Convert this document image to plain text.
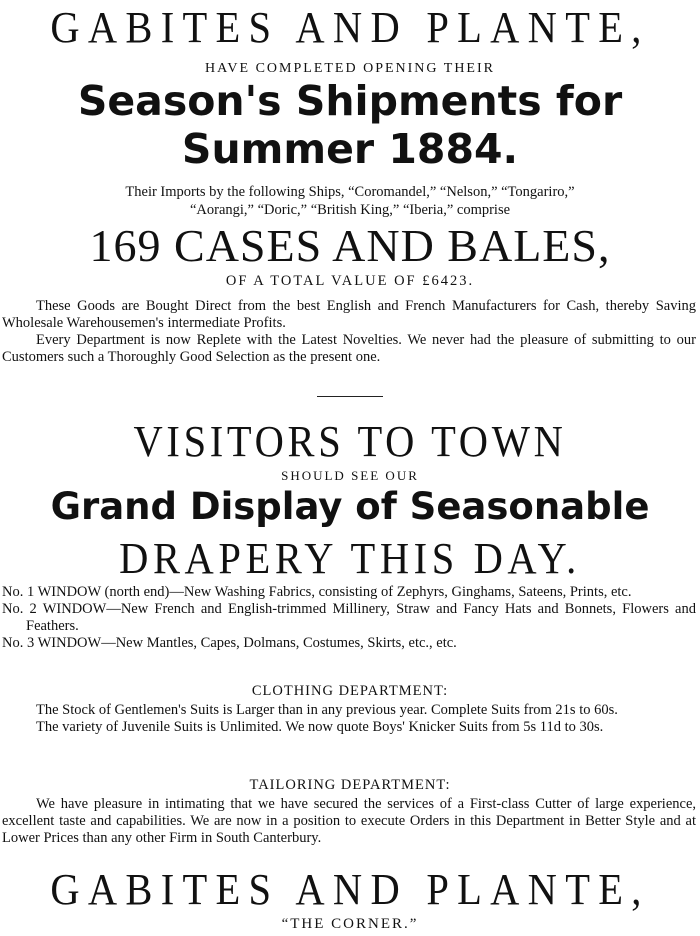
GABITES AND PLANTE,
HAVE COMPLETED OPENING THEIR
Season's Shipments for
Summer 1884.
Their Imports by the following Ships, “Coromandel,” “Nelson,” “Tongariro,”
“Aorangi,” “Doric,” “British King,” “Iberia,” comprise
169 CASES AND BALES,
OF A TOTAL VALUE OF £6423.

These Goods are Bought Direct from the best English and French Manufacturers for Cash, thereby Saving Wholesale Warehousemen's intermediate Profits.

Every Department is now Replete with the Latest Novelties. We never had the pleasure of submitting to our Customers such a Thoroughly Good Selection as the present one.

VISITORS TO TOWN
SHOULD SEE OUR
Grand Display of Seasonable
DRAPERY THIS DAY.

No. 1 WINDOW (north end)—New Washing Fabrics, consisting of Zephyrs, Ginghams, Sateens, Prints, etc.

No. 2 WINDOW—New French and English-trimmed Millinery, Straw and Fancy Hats and Bonnets, Flowers and Feathers.

No. 3 WINDOW—New Mantles, Capes, Dolmans, Costumes, Skirts, etc., etc.

CLOTHING DEPARTMENT:

The Stock of Gentlemen's Suits is Larger than in any previous year. Complete Suits from 21s to 60s.

The variety of Juvenile Suits is Unlimited. We now quote Boys' Knicker Suits from 5s 11d to 30s.

TAILORING DEPARTMENT:

We have pleasure in intimating that we have secured the services of a First-class Cutter of large experience, excellent taste and capabilities. We are now in a position to execute Orders in this Department in Better Style and at Lower Prices than any other Firm in South Canterbury.

GABITES AND PLANTE,
“THE CORNER.”
